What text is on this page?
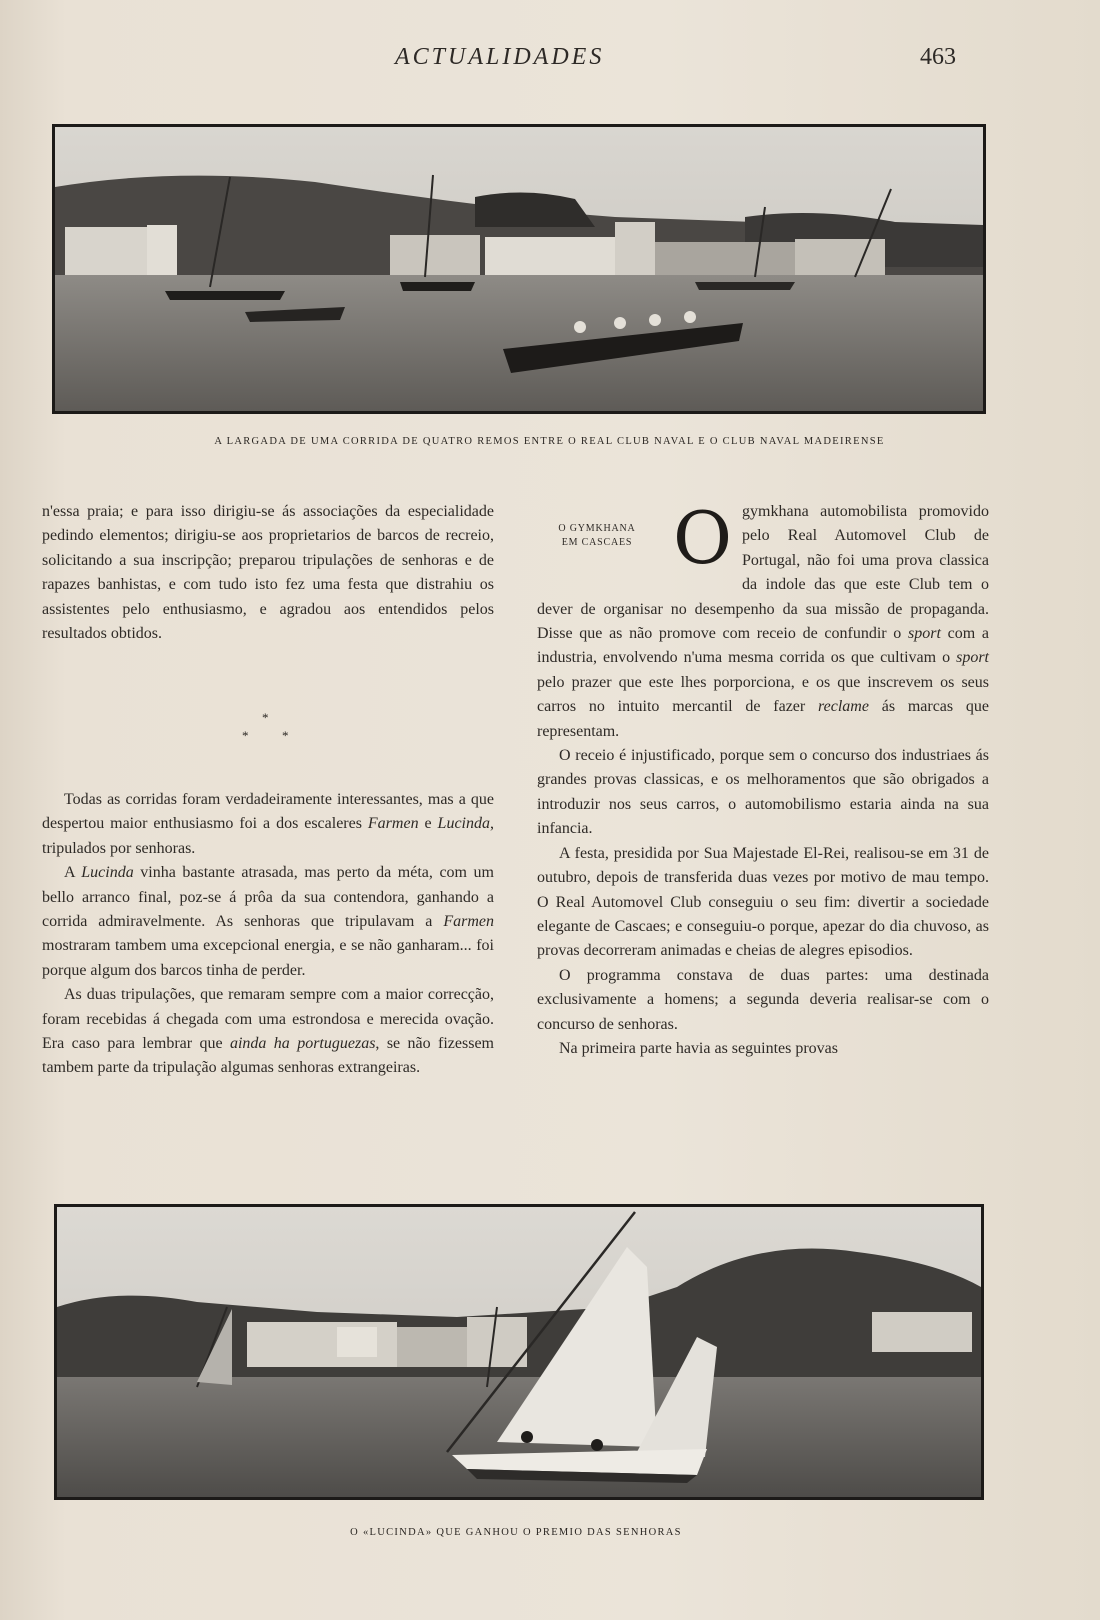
ACTUALIDADES	463
A LARGADA DE UMA CORRIDA DE QUATRO REMOS ENTRE O REAL CLUB NAVAL E O CLUB NAVAL MADEIRENSE

n'essa praia; e para isso dirigiu-se ás associações da especialidade pedindo elementos; dirigiu-se aos proprietarios de barcos de recreio, solicitando a sua inscripção; preparou tripulações de senhoras e de rapazes banhistas, e com tudo isto fez uma festa que distrahiu os assistentes pelo enthusiasmo, e agradou aos entendidos pelos resultados obtidos.

*
*	*

Todas as corridas foram verdadeiramente interessantes, mas a que despertou maior enthusiasmo foi a dos escaleres Farmen e Lucinda, tripulados por senhoras.

A Lucinda vinha bastante atrasada, mas perto da méta, com um bello arranco final, poz-se á prôa da sua contendora, ganhando a corrida admiravelmente. As senhoras que tripulavam a Farmen mostraram tambem uma excepcional energia, e se não ganharam... foi porque algum dos barcos tinha de perder.

As duas tripulações, que remaram sempre com a maior correcção, foram recebidas á chegada com uma estrondosa e merecida ovação. Era caso para lembrar que ainda ha portuguezas, se não fizessem tambem parte da tripulação algumas senhoras extrangeiras.

O GYMKHANA
EM CASCAES O gymkhana automobilista promovido pelo Real Automovel Club de Portugal, não foi uma prova classica da indole das que este Club tem o dever de organisar no desempenho da sua missão de propaganda. Disse que as não promove com receio de confundir o sport com a industria, envolvendo n'uma mesma corrida os que cultivam o sport pelo prazer que este lhes porporciona, e os que inscrevem os seus carros no intuito mercantil de fazer reclame ás marcas que representam.

O receio é injustificado, porque sem o concurso dos industriaes ás grandes provas classicas, e os melhoramentos que são obrigados a introduzir nos seus carros, o automobilismo estaria ainda na sua infancia.

A festa, presidida por Sua Majestade El-Rei, realisou-se em 31 de outubro, depois de transferida duas vezes por motivo de mau tempo. O Real Automovel Club conseguiu o seu fim: divertir a sociedade elegante de Cascaes; e conseguiu-o porque, apezar do dia chuvoso, as provas decorreram animadas e cheias de alegres episodios.

O programma constava de duas partes: uma destinada exclusivamente a homens; a segunda deveria realisar-se com o concurso de senhoras.

Na primeira parte havia as seguintes provas

O «LUCINDA» QUE GANHOU O PREMIO DAS SENHORAS
